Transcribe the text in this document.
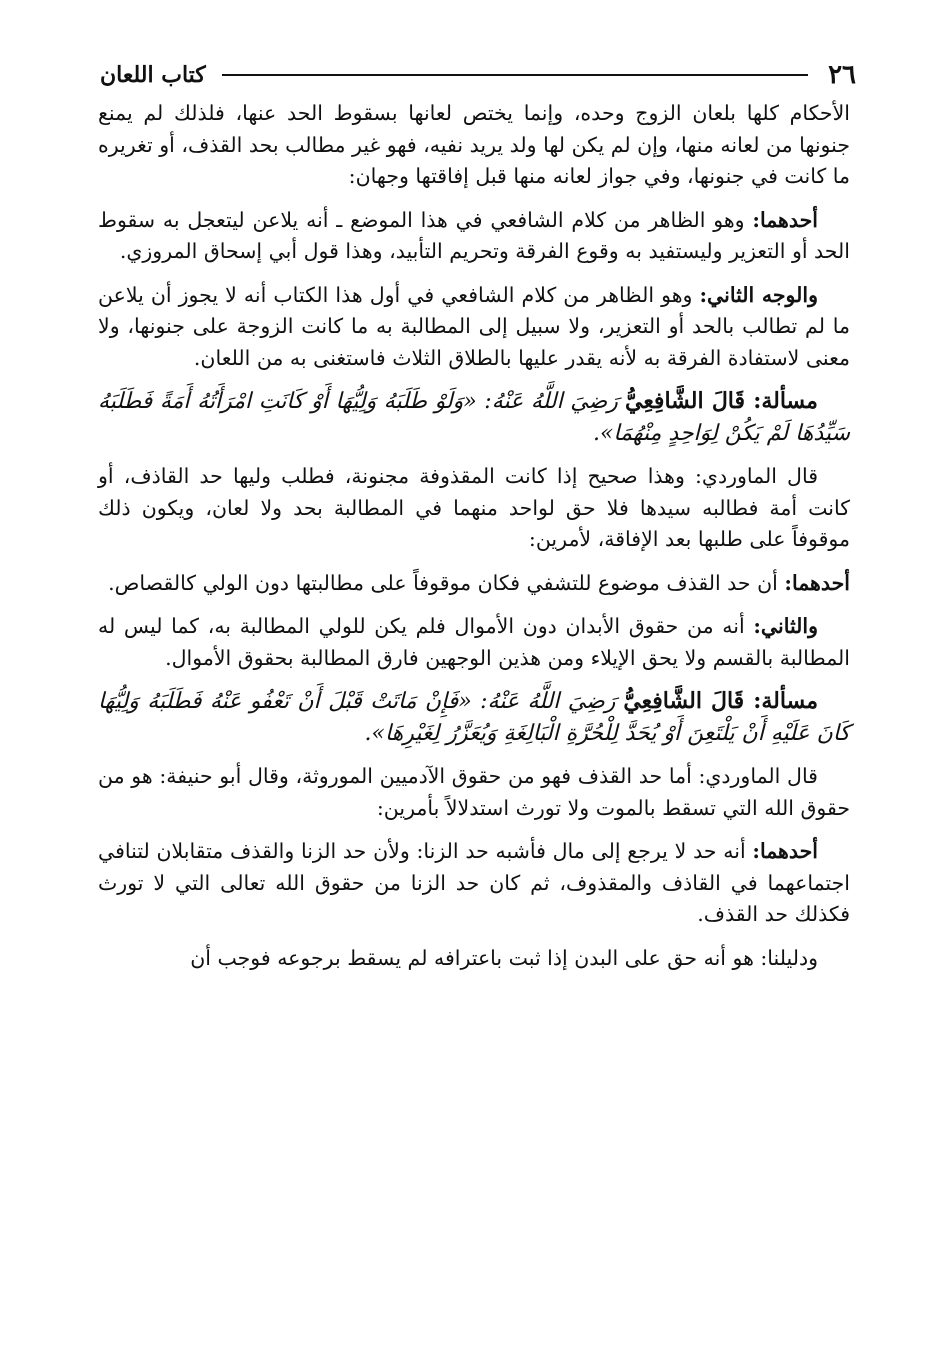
٢٦
كتاب اللعان

الأحكام كلها بلعان الزوج وحده، وإنما يختص لعانها بسقوط الحد عنها، فلذلك لم يمنع جنونها من لعانه منها، وإن لم يكن لها ولد يريد نفيه، فهو غير مطالب بحد القذف، أو تغريره ما كانت في جنونها، وفي جواز لعانه منها قبل إفاقتها وجهان:

أحدهما: وهو الظاهر من كلام الشافعي في هذا الموضع ـ أنه يلاعن ليتعجل به سقوط الحد أو التعزير وليستفيد به وقوع الفرقة وتحريم التأبيد، وهذا قول أبي إسحاق المروزي.

والوجه الثاني: وهو الظاهر من كلام الشافعي في أول هذا الكتاب أنه لا يجوز أن يلاعن ما لم تطالب بالحد أو التعزير، ولا سبيل إلى المطالبة به ما كانت الزوجة على جنونها، ولا معنى لاستفادة الفرقة به لأنه يقدر عليها بالطلاق الثلاث فاستغنى به من اللعان.

مسألة: قَالَ الشَّافِعِيُّ رَضِيَ اللَّهُ عَنْهُ: «وَلَوْ طَلَبَهُ وَلِيُّهَا أَوْ كَانَتِ امْرَأَتُهُ أَمَةً فَطَلَبَهُ سَيِّدُهَا لَمْ يَكُنْ لِوَاحِدٍ مِنْهُمَا».

قال الماوردي: وهذا صحيح إذا كانت المقذوفة مجنونة، فطلب وليها حد القاذف، أو كانت أمة فطالبه سيدها فلا حق لواحد منهما في المطالبة بحد ولا لعان، ويكون ذلك موقوفاً على طلبها بعد الإفاقة، لأمرين:

أحدهما: أن حد القذف موضوع للتشفي فكان موقوفاً على مطالبتها دون الولي كالقصاص.

والثاني: أنه من حقوق الأبدان دون الأموال فلم يكن للولي المطالبة به، كما ليس له المطالبة بالقسم ولا يحق الإيلاء ومن هذين الوجهين فارق المطالبة بحقوق الأموال.

مسألة: قَالَ الشَّافِعِيُّ رَضِيَ اللَّهُ عَنْهُ: «فَإِنْ مَاتَتْ قَبْلَ أَنْ تَعْفُو عَنْهُ فَطَلَبَهُ وَلِيُّهَا كَانَ عَلَيْهِ أَنْ يَلْتَعِنَ أَوْ يُحَدَّ لِلْحُرَّةِ الْبَالِغَةِ وَيُعَزَّرُ لِغَيْرِهَا».

قال الماوردي: أما حد القذف فهو من حقوق الآدميين الموروثة، وقال أبو حنيفة: هو من حقوق الله التي تسقط بالموت ولا تورث استدلالاً بأمرين:

أحدهما: أنه حد لا يرجع إلى مال فأشبه حد الزنا: ولأن حد الزنا والقذف متقابلان لتنافي اجتماعهما في القاذف والمقذوف، ثم كان حد الزنا من حقوق الله تعالى التي لا تورث فكذلك حد القذف.

ودليلنا: هو أنه حق على البدن إذا ثبت باعترافه لم يسقط برجوعه فوجب أن
